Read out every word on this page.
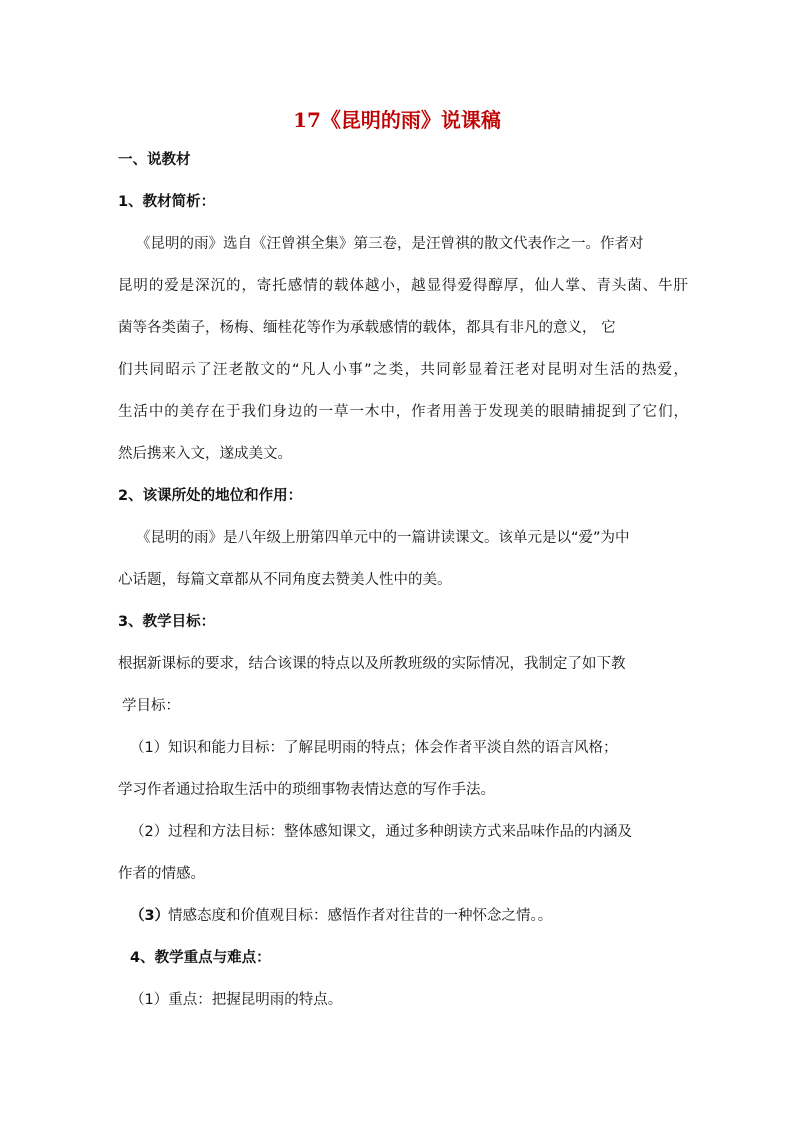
17《昆明的雨》说课稿
一、说教材
1、教材简析：
《昆明的雨》选自《汪曾祺全集》第三卷，是汪曾祺的散文代表作之一。作者对
昆明的爱是深沉的，寄托感情的载体越小，越显得爱得醇厚，仙人掌、青头菌、牛肝
菌等各类菌子，杨梅、缅桂花等作为承载感情的载体，都具有非凡的意义， 它
们共同昭示了汪老散文的“凡人小事”之类，共同彰显着汪老对昆明对生活的热爱，
生活中的美存在于我们身边的一草一木中，作者用善于发现美的眼睛捕捉到了它们，
然后携来入文，遂成美文。
2、该课所处的地位和作用：
《昆明的雨》是八年级上册第四单元中的一篇讲读课文。该单元是以“爱”为中
心话题，每篇文章都从不同角度去赞美人性中的美。
3、教学目标：
根据新课标的要求，结合该课的特点以及所教班级的实际情况，我制定了如下教
学目标：
（1） 知识和能力目标：了解昆明雨的特点；体会作者平淡自然的语言风格；
学习作者通过拾取生活中的琐细事物表情达意的写作手法。
（2） 过程和方法目标：整体感知课文，通过多种朗读方式来品味作品的内涵及
作者的情感。
（3）
情感态度和价值观目标：感悟作者对往昔的一种怀念之情。。
4、教学重点与难点：
（1）重点：把握昆明雨的特点。
